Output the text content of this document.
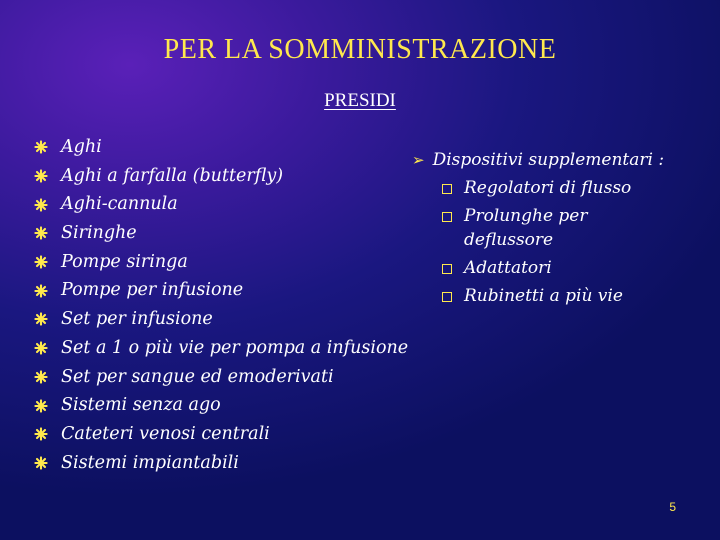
PER LA SOMMINISTRAZIONE
PRESIDI
Aghi
Aghi a farfalla (butterfly)
Aghi-cannula
Siringhe
Pompe siringa
Pompe per infusione
Set per infusione
Set a 1 o più vie per pompa a infusione
Set per sangue ed emoderivati
Sistemi senza ago
Cateteri venosi centrali
Sistemi impiantabili
➢ Dispositivi supplementari :
Regolatori di flusso
Prolunghe per deflussore
Adattatori
Rubinetti a più vie
5
